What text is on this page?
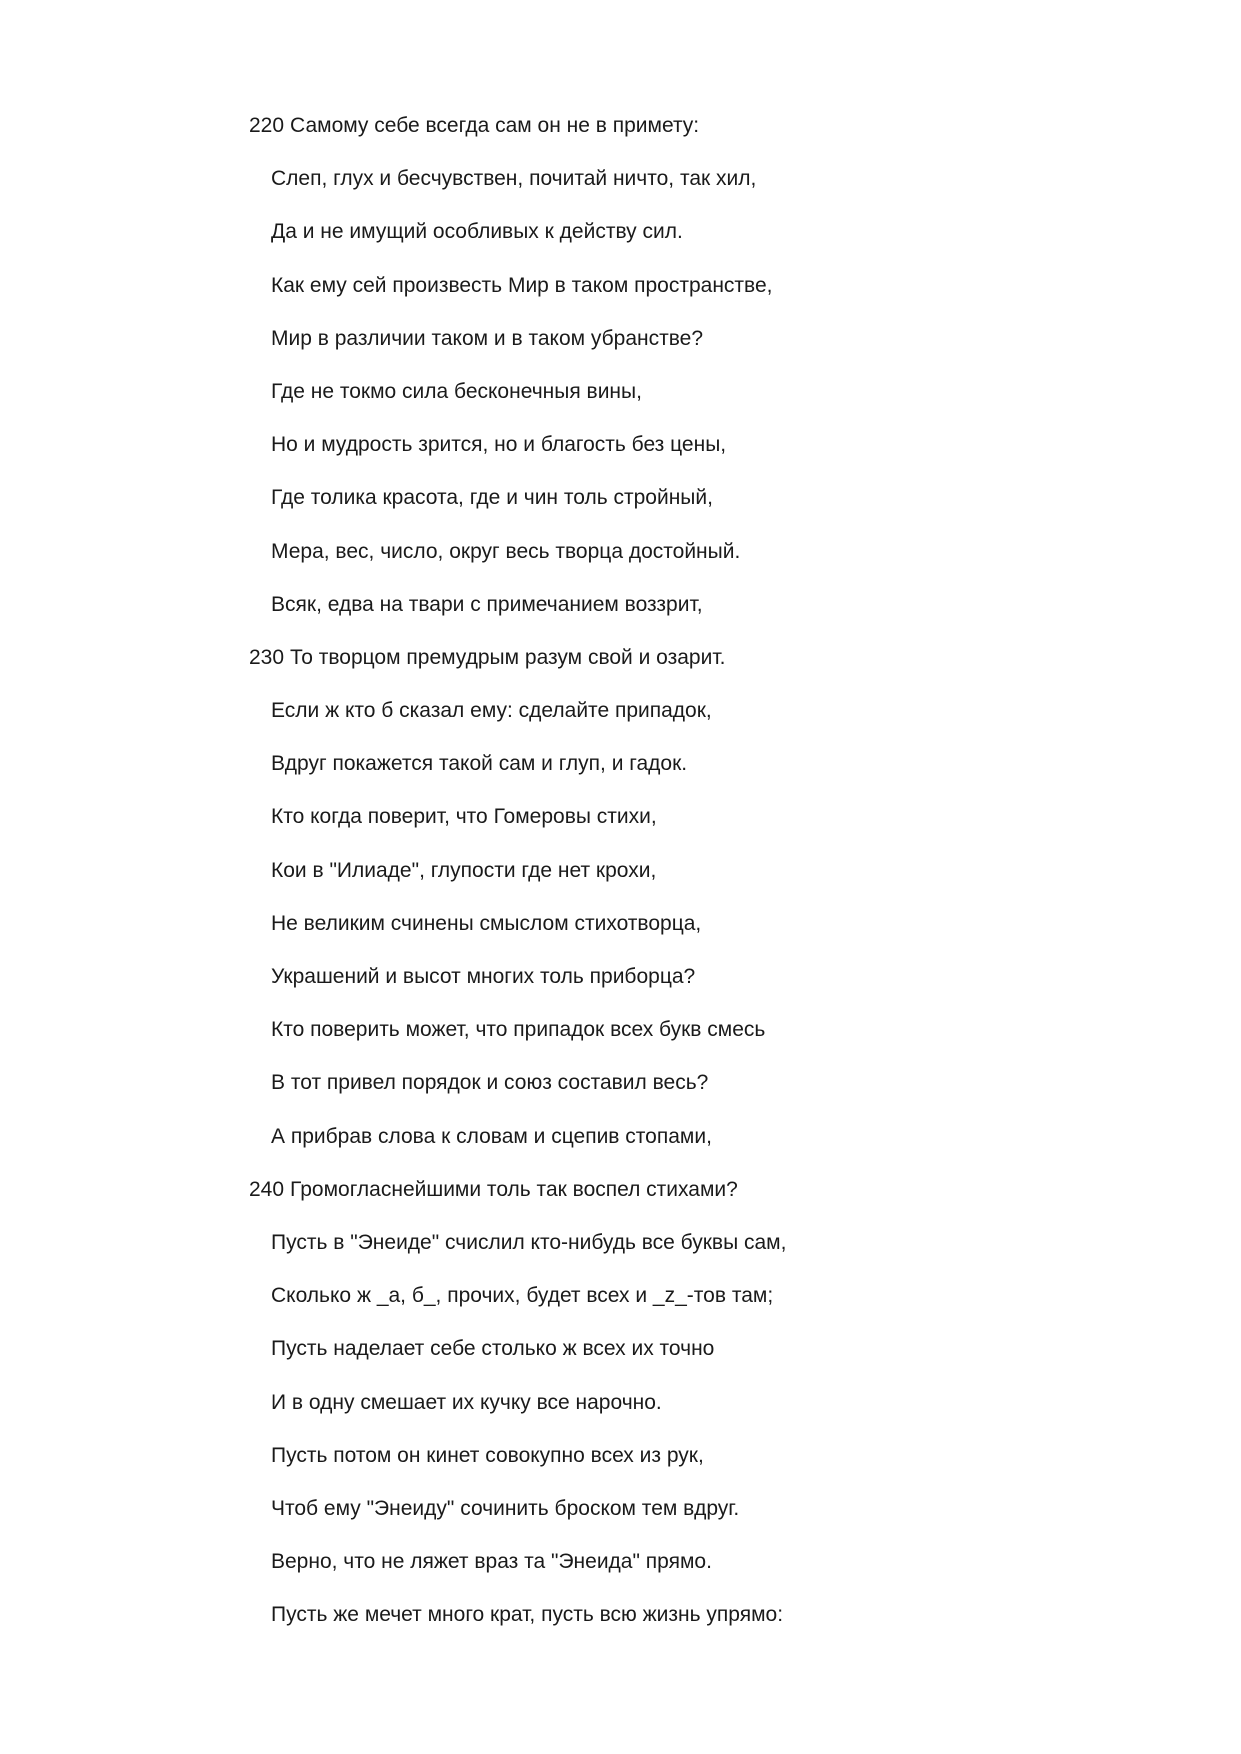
220 Самому себе всегда сам он не в примету:
Слеп, глух и бесчувствен, почитай ничто, так хил,
Да и не имущий особливых к действу сил.
Как ему сей произвесть Мир в таком пространстве,
Мир в различии таком и в таком убранстве?
Где не токмо сила бесконечныя вины,
Но и мудрость зрится, но и благость без цены,
Где толика красота, где и чин толь стройный,
Мера, вес, число, округ весь творца достойный.
Всяк, едва на твари с примечанием воззрит,
230 То творцом премудрым разум свой и озарит.
Если ж кто б сказал ему: сделайте припадок,
Вдруг покажется такой сам и глуп, и гадок.
Кто когда поверит, что Гомеровы стихи,
Кои в "Илиаде", глупости где нет крохи,
Не великим счинены смыслом стихотворца,
Украшений и высот многих толь приборца?
Кто поверить может, что припадок всех букв смесь
В тот привел порядок и союз составил весь?
А прибрав слова к словам и сцепив стопами,
240 Громогласнейшими толь так воспел стихами?
Пусть в "Энеиде" счислил кто-нибудь все буквы сам,
Сколько ж _а, б_, прочих, будет всех и _z_-тов там;
Пусть наделает себе столько ж всех их точно
И в одну смешает их кучку все нарочно.
Пусть потом он кинет совокупно всех из рук,
Чтоб ему "Энеиду" сочинить броском тем вдруг.
Верно, что не ляжет враз та "Энеида" прямо.
Пусть же мечет много крат, пусть всю жизнь упрямо:
